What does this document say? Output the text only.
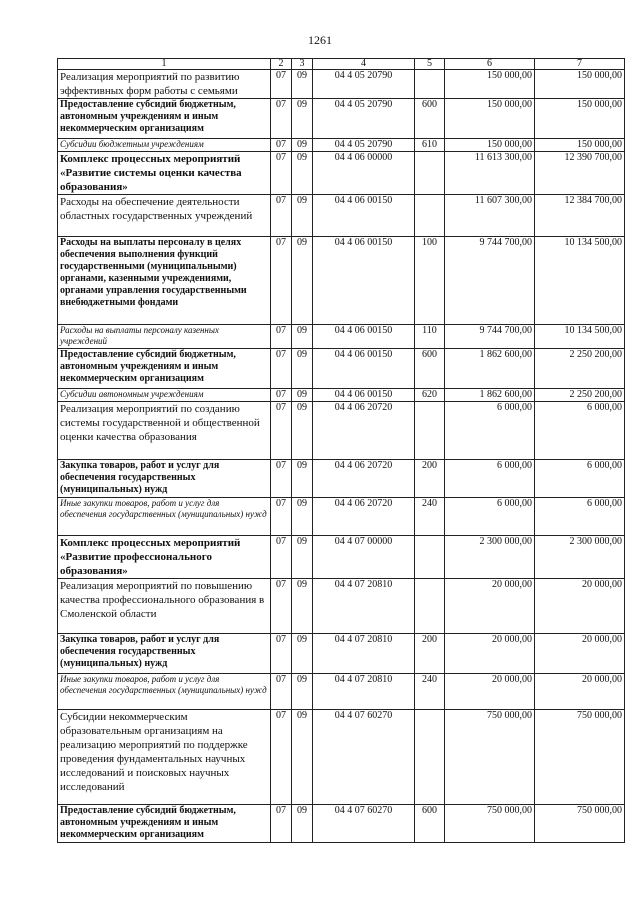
1261
1	2	3	4	5	6	7
Реализация мероприятий по развитию эффективных форм работы с семьями	07	09	04 4 05 20790		150 000,00	150 000,00
Предоставление субсидий бюджетным, автономным учреждениям и иным некоммерческим организациям	07	09	04 4 05 20790	600	150 000,00	150 000,00
Субсидии бюджетным учреждениям	07	09	04 4 05 20790	610	150 000,00	150 000,00
Комплекс процессных мероприятий «Развитие системы оценки качества образования»	07	09	04 4 06 00000		11 613 300,00	12 390 700,00
Расходы на обеспечение деятельности областных государственных учреждений	07	09	04 4 06 00150		11 607 300,00	12 384 700,00
Расходы на выплаты персоналу в целях обеспечения выполнения функций государственными (муниципальными) органами, казенными учреждениями, органами управления государственными внебюджетными фондами	07	09	04 4 06 00150	100	9 744 700,00	10 134 500,00
Расходы на выплаты персоналу казенных учреждений	07	09	04 4 06 00150	110	9 744 700,00	10 134 500,00
Предоставление субсидий бюджетным, автономным учреждениям и иным некоммерческим организациям	07	09	04 4 06 00150	600	1 862 600,00	2 250 200,00
Субсидии автономным учреждениям	07	09	04 4 06 00150	620	1 862 600,00	2 250 200,00
Реализация мероприятий по созданию системы государственной и общественной оценки качества образования	07	09	04 4 06 20720		6 000,00	6 000,00
Закупка товаров, работ и услуг для обеспечения государственных (муниципальных) нужд	07	09	04 4 06 20720	200	6 000,00	6 000,00
Иные закупки товаров, работ и услуг для обеспечения государственных (муниципальных) нужд	07	09	04 4 06 20720	240	6 000,00	6 000,00
Комплекс процессных мероприятий «Развитие профессионального образования»	07	09	04 4 07 00000		2 300 000,00	2 300 000,00
Реализация мероприятий по повышению качества профессионального образования в Смоленской области	07	09	04 4 07 20810		20 000,00	20 000,00
Закупка товаров, работ и услуг для обеспечения государственных (муниципальных) нужд	07	09	04 4 07 20810	200	20 000,00	20 000,00
Иные закупки товаров, работ и услуг для обеспечения государственных (муниципальных) нужд	07	09	04 4 07 20810	240	20 000,00	20 000,00
Субсидии некоммерческим образовательным организациям на реализацию мероприятий по поддержке проведения фундаментальных научных исследований и поисковых научных исследований	07	09	04 4 07 60270		750 000,00	750 000,00
Предоставление субсидий бюджетным, автономным учреждениям и иным некоммерческим организациям	07	09	04 4 07 60270	600	750 000,00	750 000,00
